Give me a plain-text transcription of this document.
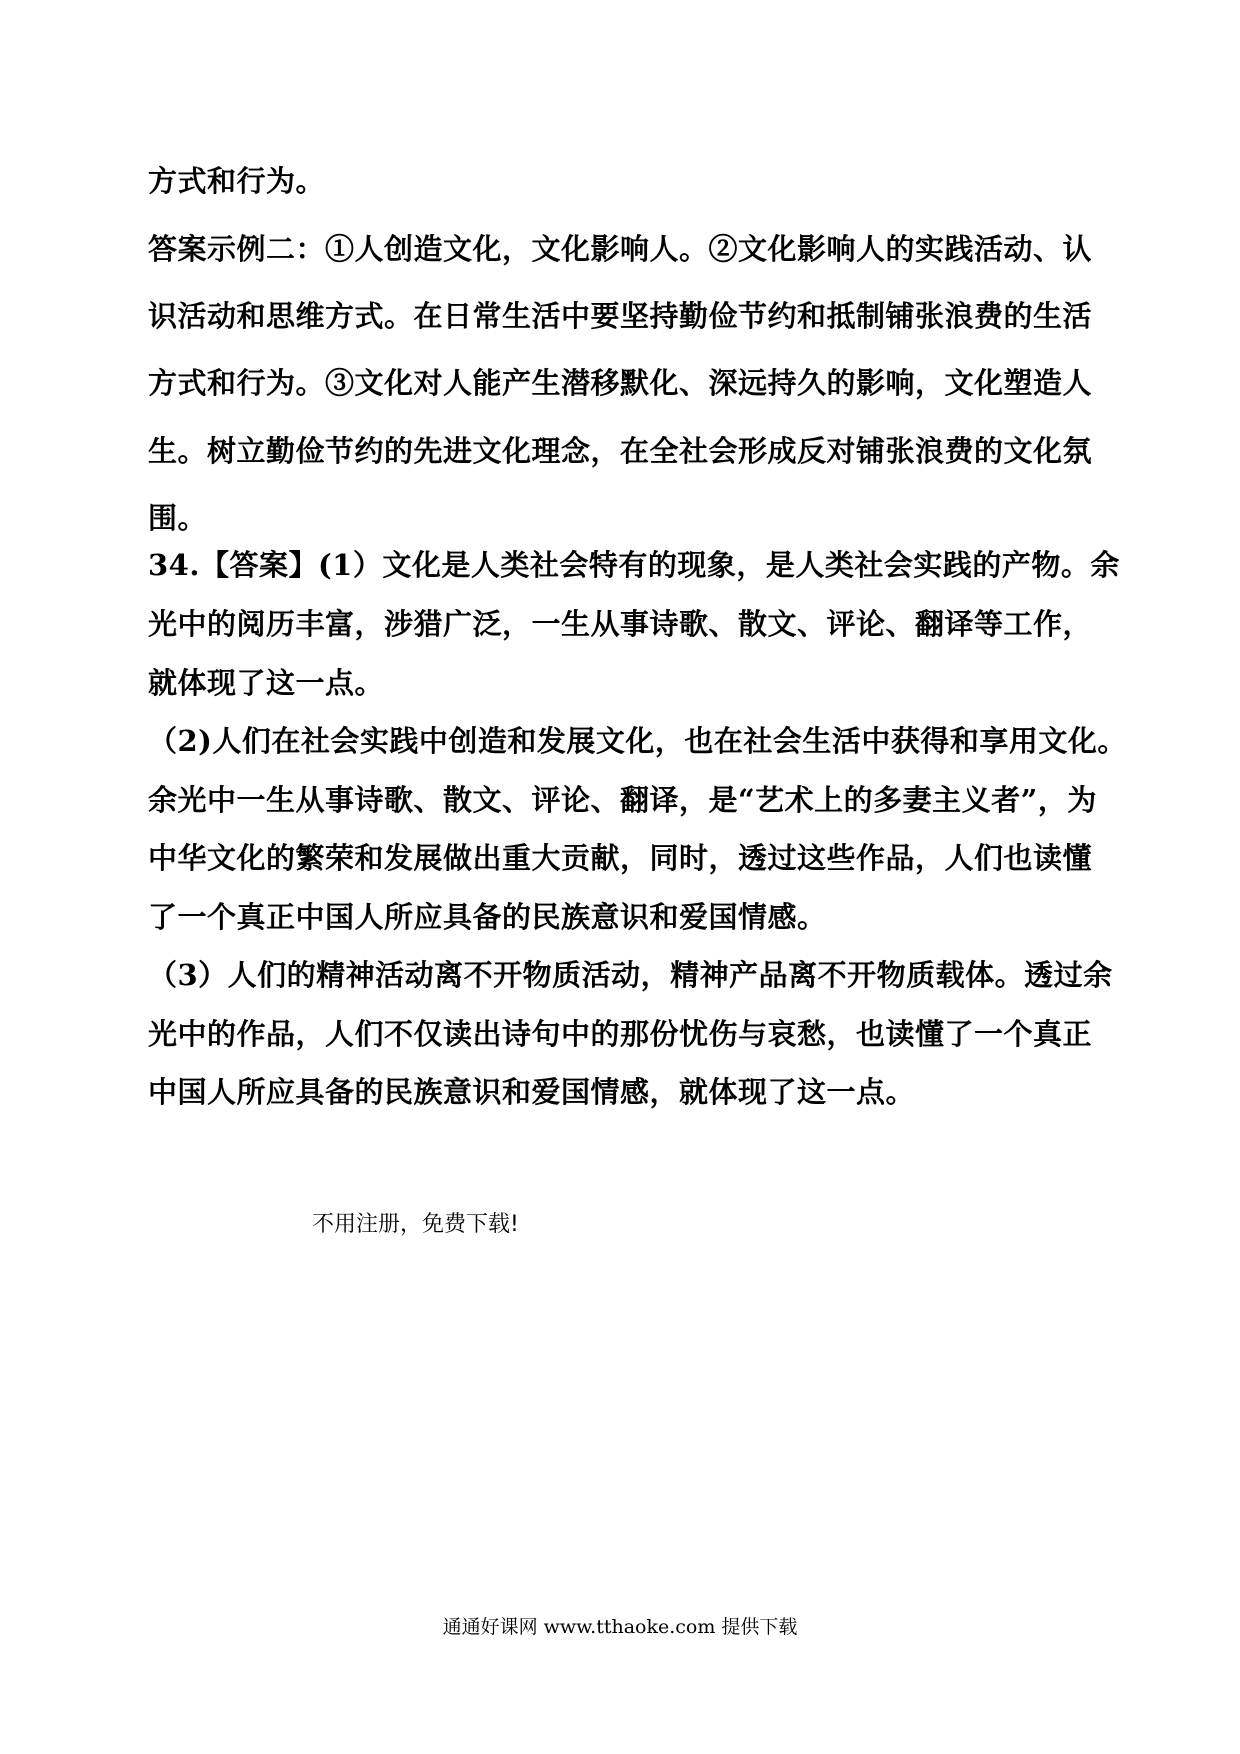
方式和行为。
答案示例二：①人创造文化，文化影响人。②文化影响人的实践活动、认
识活动和思维方式。在日常生活中要坚持勤俭节约和抵制铺张浪费的生活
方式和行为。③文化对人能产生潜移默化、深远持久的影响，文化塑造人
生。树立勤俭节约的先进文化理念，在全社会形成反对铺张浪费的文化氛
围。
34.【答案】(1）文化是人类社会特有的现象，是人类社会实践的产物。余
光中的阅历丰富，涉猎广泛，一生从事诗歌、散文、评论、翻译等工作，
就体现了这一点。
（2)人们在社会实践中创造和发展文化，也在社会生活中获得和享用文化。
余光中一生从事诗歌、散文、评论、翻译，是“艺术上的多妻主义者”，为
中华文化的繁荣和发展做出重大贡献，同时，透过这些作品，人们也读懂
了一个真正中国人所应具备的民族意识和爱国情感。
（3）人们的精神活动离不开物质活动，精神产品离不开物质载体。透过余
光中的作品，人们不仅读出诗句中的那份忧伤与哀愁，也读懂了一个真正
中国人所应具备的民族意识和爱国情感，就体现了这一点。
不用注册，免费下载!
通通好课网 www.tthaoke.com 提供下载
